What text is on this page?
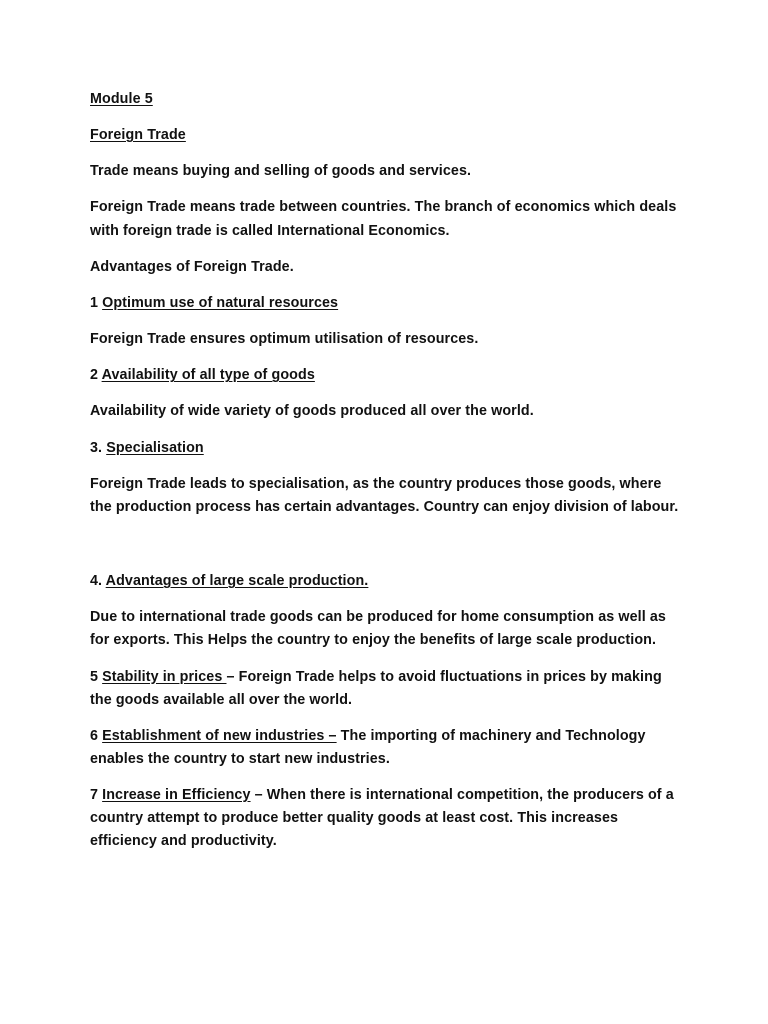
Module 5

Foreign Trade

Trade means buying and selling of goods and services.

Foreign Trade means trade between countries. The branch of economics which deals with foreign trade is called International Economics.

Advantages of Foreign Trade.

1 Optimum use of natural resources

Foreign Trade ensures optimum utilisation of resources.

2 Availability of all type of goods

Availability of wide variety of goods produced all over the world.

3. Specialisation

Foreign Trade leads to specialisation, as the country produces those goods, where the production process has certain advantages. Country can enjoy division of labour.

4. Advantages of large scale production.

Due to international trade goods can be produced for home consumption as well as for exports. This Helps the country to enjoy the benefits of large scale production.

5 Stability in prices – Foreign Trade helps to avoid fluctuations in prices by making the goods available all over the world.

6 Establishment of new industries – The importing of machinery and Technology enables the country to start new industries.

7 Increase in Efficiency – When there is international competition, the producers of a country attempt to produce better quality goods at least cost. This increases efficiency and productivity.
